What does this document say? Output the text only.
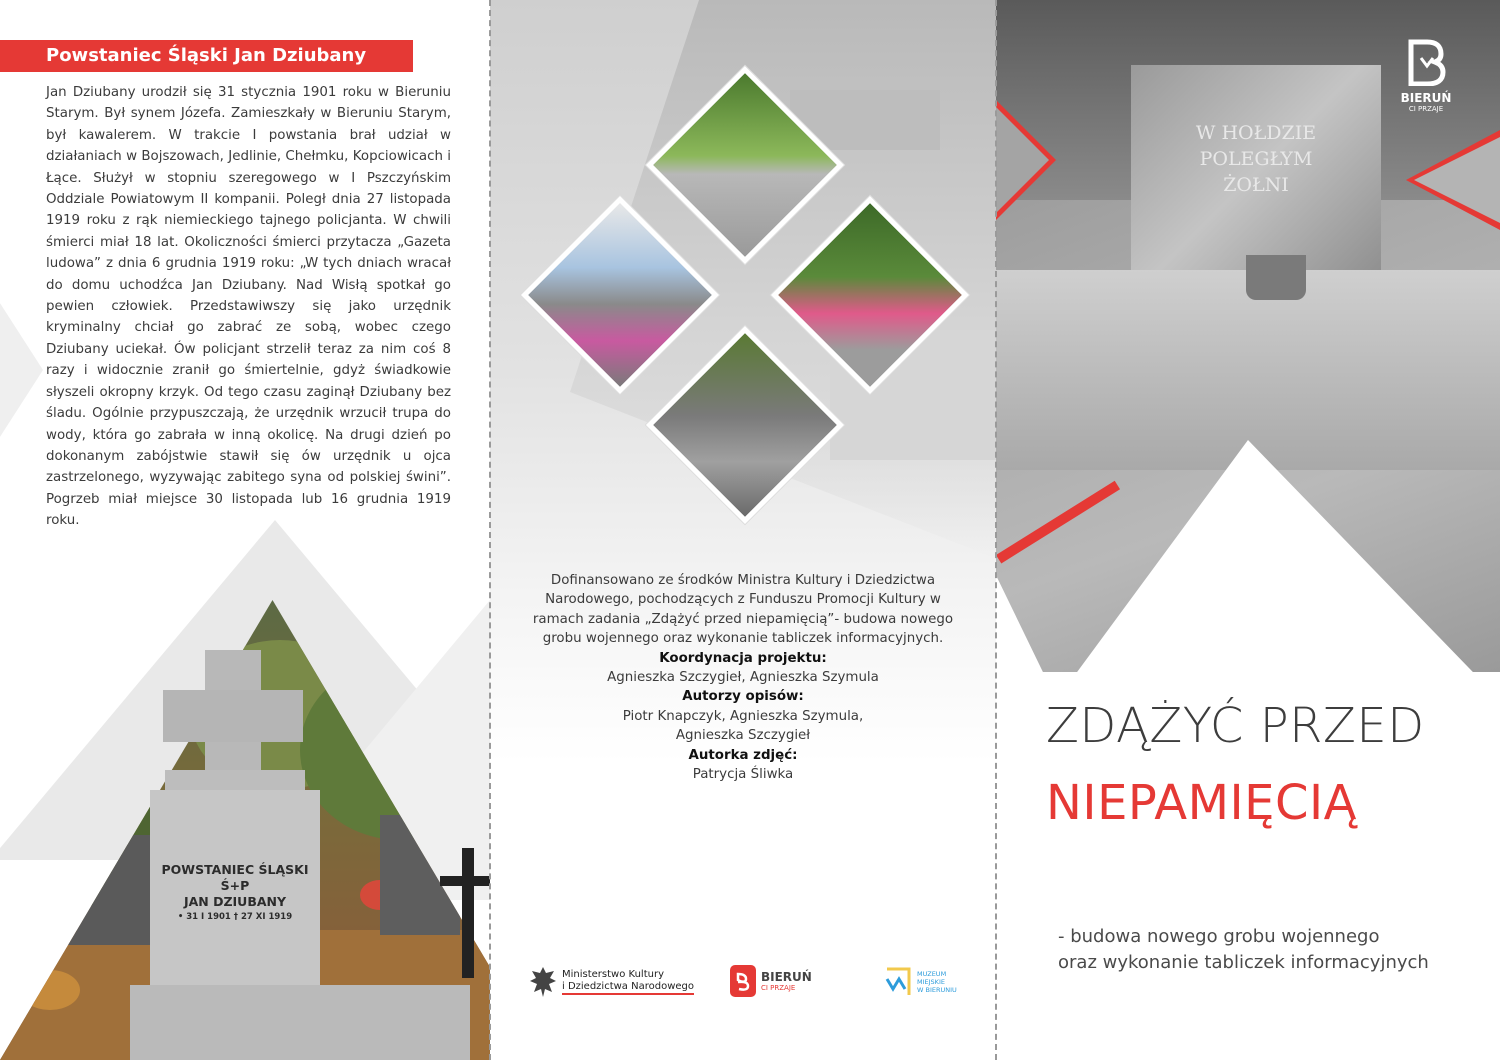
Powstaniec Śląski Jan Dziubany

Jan Dziubany urodził się 31 stycznia 1901 roku w Bieruniu Starym. Był synem Józefa. Zamieszkały w Bieruniu Starym, był kawalerem. W trakcie I powstania brał udział w działaniach w Bojszowach, Jedlinie, Chełmku, Kopciowicach i Łące. Służył w stopniu szeregowego w I Pszczyńskim Oddziale Powiatowym II kompanii. Poległ dnia 27 listopada 1919 roku z rąk niemieckiego tajnego policjanta. W chwili śmierci miał 18 lat. Okoliczności śmierci przytacza „Gazeta ludowa” z dnia 6 grudnia 1919 roku: „W tych dniach wracał do domu uchodźca Jan Dziubany. Nad Wisłą spotkał go pewien człowiek. Przedstawiwszy się jako urzędnik kryminalny chciał go zabrać ze sobą, wobec czego Dziubany uciekał. Ów policjant strzelił teraz za nim coś 8 razy i widocznie zranił go śmiertelnie, gdyż świadkowie słyszeli okropny krzyk. Od tego czasu zaginął Dziubany bez śladu. Ogólnie przypuszczają, że urzędnik wrzucił trupa do wody, która go zabrała w inną okolicę. Na drugi dzień po dokonanym zabójstwie stawił się ów urzędnik u ojca zastrzelonego, wyzywając zabitego syna od polskiej świni”. Pogrzeb miał miejsce 30 listopada lub 16 grudnia 1919 roku.

POWSTANIEC ŚLĄSKI
Ś+P
JAN DZIUBANY
• 31 I 1901 † 27 XI 1919
Dofinansowano ze środków Ministra Kultury i Dziedzictwa Narodowego, pochodzących z Funduszu Promocji Kultury w ramach zadania „Zdążyć przed niepamięcią”- budowa nowego grobu wojennego oraz wykonanie tabliczek informacyjnych.
Koordynacja projektu:
Agnieszka Szczygieł, Agnieszka Szymula
Autorzy opisów:
Piotr Knapczyk, Agnieszka Szymula,
Agnieszka Szczygieł
Autorka zdjęć:
Patrycja Śliwka
Ministerstwo Kultury
i Dziedzictwa Narodowego
BIERUŃ
CI PRZAJE
MUZEUM
MIEJSKIE
W BIERUNIU
W HOŁDZIE
POLEGŁYM
ŻOŁNI
BIERUŃ
CI PRZAJE
ZDĄŻYĆ PRZED
NIEPAMIĘCIĄ
- budowa nowego grobu wojennego
oraz wykonanie tabliczek informacyjnych
